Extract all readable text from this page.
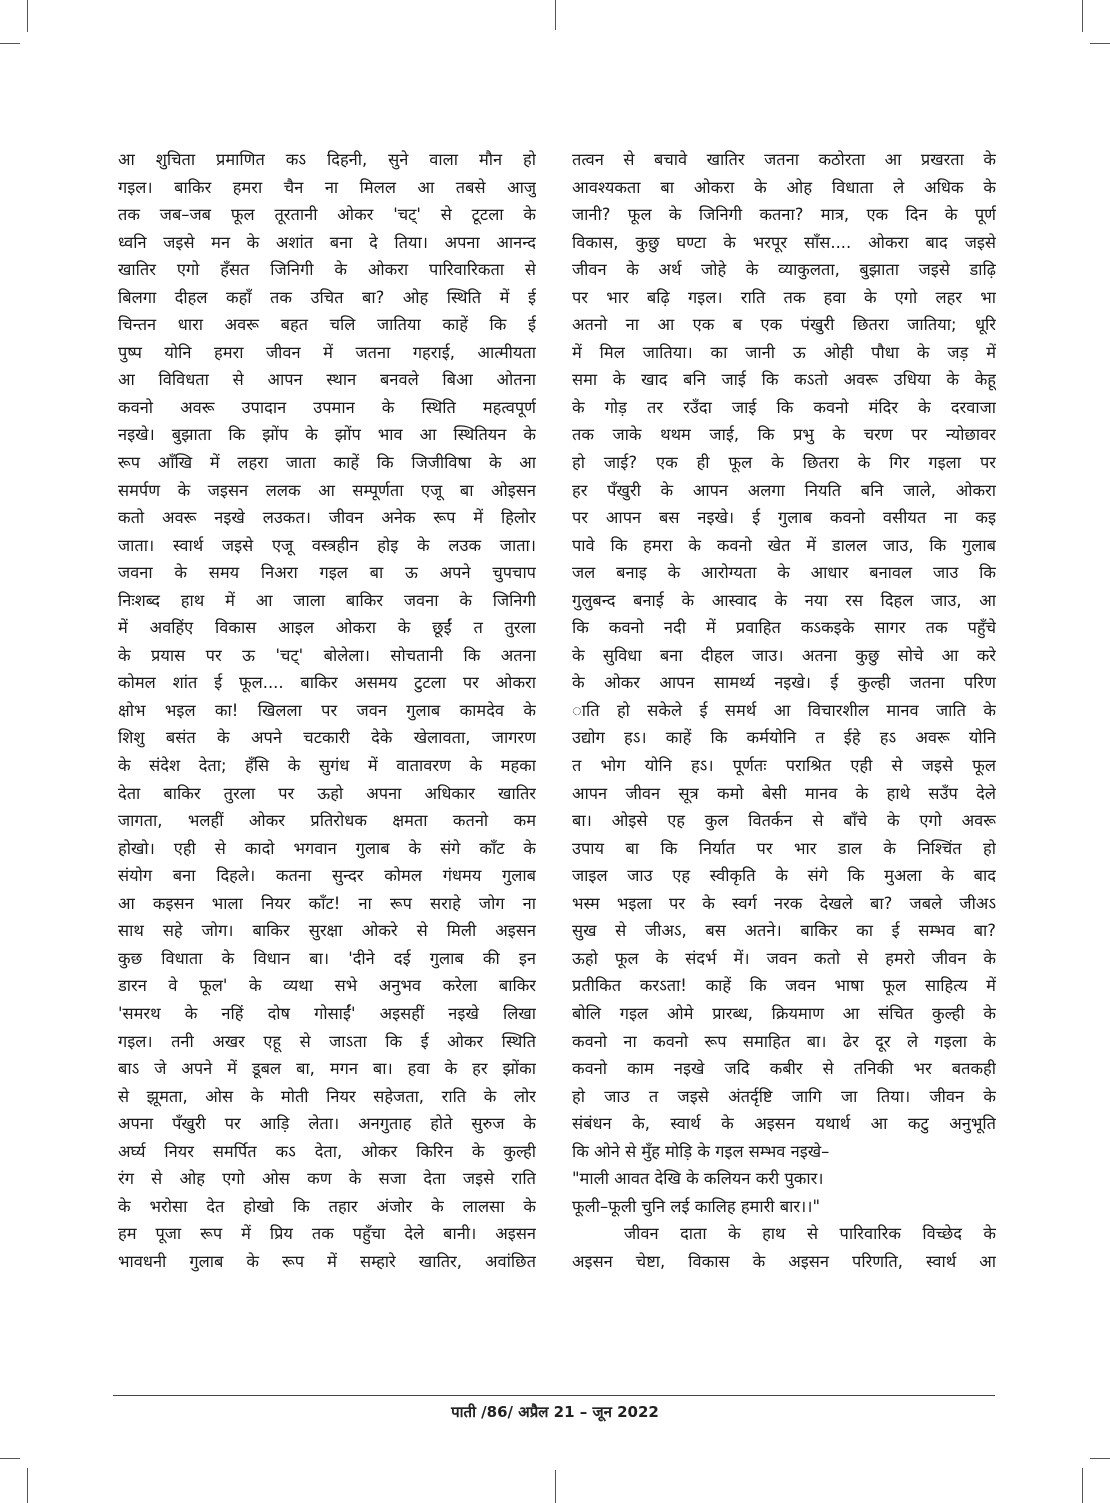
आ शुचिता प्रमाणित कऽ दिहनी, सुने वाला मौन हो
गइल। बाकिर हमरा चैन ना मिलल आ तबसे आजु
तक जब–जब फूल तूरतानी ओकर 'चट्' से टूटला के
ध्वनि जइसे मन के अशांत बना दे तिया। अपना आनन्द
खातिर एगो हँसत जिनिगी के ओकरा पारिवारिकता से
बिलगा दीहल कहाँ तक उचित बा? ओह स्थिति में ई
चिन्तन धारा अवरू बहत चलि जातिया काहें कि ई
पुष्प योनि हमरा जीवन में जतना गहराई, आत्मीयता
आ विविधता से आपन स्थान बनवले बिआ ओतना
कवनो अवरू उपादान उपमान के स्थिति महत्वपूर्ण
नइखे। बुझाता कि झोंप के झोंप भाव आ स्थितियन के
रूप आँखि में लहरा जाता काहें कि जिजीविषा के आ
समर्पण के जइसन ललक आ सम्पूर्णता एजू बा ओइसन
कतो अवरू नइखे लउकत। जीवन अनेक रूप में हिलोर
जाता। स्वार्थ जइसे एजू वस्त्रहीन होइ के लउक जाता।
जवना के समय निअरा गइल बा ऊ अपने चुपचाप
निःशब्द हाथ में आ जाला बाकिर जवना के जिनिगी
में अवहिंए विकास आइल ओकरा के छूईं त तुरला
के प्रयास पर ऊ 'चट्' बोलेला। सोचतानी कि अतना
कोमल शांत ई फूल.... बाकिर असमय टुटला पर ओकरा
क्षोभ भइल का! खिलला पर जवन गुलाब कामदेव के
शिशु बसंत के अपने चटकारी देके खेलावता, जागरण
के संदेश देता; हँसि के सुगंध में वातावरण के महका
देता बाकिर तुरला पर ऊहो अपना अधिकार खातिर
जागता, भलहीं ओकर प्रतिरोधक क्षमता कतनो कम
होखो। एही से कादो भगवान गुलाब के संगे काँट के
संयोग बना दिहले। कतना सुन्दर कोमल गंधमय गुलाब
आ कइसन भाला नियर काँट! ना रूप सराहे जोग ना
साथ सहे जोग। बाकिर सुरक्षा ओकरे से मिली अइसन
कुछ विधाता के विधान बा। 'दीने दई गुलाब की इन
डारन वे फूल' के व्यथा सभे अनुभव करेला बाकिर
'समरथ के नहिं दोष गोसाईं' अइसहीं नइखे लिखा
गइल। तनी अखर एहू से जाऽता कि ई ओकर स्थिति
बाऽ जे अपने में डूबल बा, मगन बा। हवा के हर झोंका
से झूमता, ओस के मोती नियर सहेजता, राति के लोर
अपना पँखुरी पर आड़ि लेता। अनगुताह होते सुरुज के
अर्घ्य नियर समर्पित कऽ देता, ओकर किरिन के कुल्ही
रंग से ओह एगो ओस कण के सजा देता जइसे राति
के भरोसा देत होखो कि तहार अंजोर के लालसा के
हम पूजा रूप में प्रिय तक पहुँचा देले बानी। अइसन
भावधनी गुलाब के रूप में सम्हारे खातिर, अवांछित
तत्वन से बचावे खातिर जतना कठोरता आ प्रखरता के
आवश्यकता बा ओकरा के ओह विधाता ले अधिक के
जानी? फूल के जिनिगी कतना? मात्र, एक दिन के पूर्ण
विकास, कुछु घण्टा के भरपूर साँस.... ओकरा बाद जइसे
जीवन के अर्थ जोहे के व्याकुलता, बुझाता जइसे डाढ़ि
पर भार बढ़ि गइल। राति तक हवा के एगो लहर भा
अतनो ना आ एक ब एक पंखुरी छितरा जातिया; धूरि
में मिल जातिया। का जानी ऊ ओही पौधा के जड़ में
समा के खाद बनि जाई कि कऽतो अवरू उधिया के केहू
के गोड़ तर रउँदा जाई कि कवनो मंदिर के दरवाजा
तक जाके थथम जाई, कि प्रभु के चरण पर न्योछावर
हो जाई? एक ही फूल के छितरा के गिर गइला पर
हर पँखुरी के आपन अलगा नियति बनि जाले, ओकरा
पर आपन बस नइखे। ई गुलाब कवनो वसीयत ना कइ
पावे कि हमरा के कवनो खेत में डालल जाउ, कि गुलाब
जल बनाइ के आरोग्यता के आधार बनावल जाउ कि
गुलुबन्द बनाई के आस्वाद के नया रस दिहल जाउ, आ
कि कवनो नदी में प्रवाहित कऽकइके सागर तक पहुँचे
के सुविधा बना दीहल जाउ। अतना कुछु सोचे आ करे
के ओकर आपन सामर्थ्य नइखे। ई कुल्ही जतना परिण
ाति हो सकेले ई समर्थ आ विचारशील मानव जाति के
उद्योग हऽ। काहें कि कर्मयोनि त ईहे हऽ अवरू योनि
त भोग योनि हऽ। पूर्णतः पराश्रित एही से जइसे फूल
आपन जीवन सूत्र कमो बेसी मानव के हाथे सउँप देले
बा। ओइसे एह कुल वितर्कन से बाँचे के एगो अवरू
उपाय बा कि निर्यात पर भार डाल के निश्चिंत हो
जाइल जाउ एह स्वीकृति के संगे कि मुअला के बाद
भस्म भइला पर के स्वर्ग नरक देखले बा? जबले जीअऽ
सुख से जीअऽ, बस अतने। बाकिर का ई सम्भव बा?
ऊहो फूल के संदर्भ में। जवन कतो से हमरो जीवन के
प्रतीकित करऽता! काहें कि जवन भाषा फूल साहित्य में
बोलि गइल ओमे प्रारब्ध, क्रियमाण आ संचित कुल्ही के
कवनो ना कवनो रूप समाहित बा। ढेर दूर ले गइला के
कवनो काम नइखे जदि कबीर से तनिकी भर बतकही
हो जाउ त जइसे अंतर्दृष्टि जागि जा तिया। जीवन के
संबंधन के, स्वार्थ के अइसन यथार्थ आ कटु अनुभूति
कि ओने से मुँह मोड़ि के गइल सम्भव नइखे–
"माली आवत देखि के कलियन करी पुकार।
फूली–फूली चुनि लई कालिह हमारी बार।।"
जीवन दाता के हाथ से पारिवारिक विच्छेद के
अइसन चेष्टा, विकास के अइसन परिणति, स्वार्थ आ
पाती /86/ अप्रैल 21 – जून 2022
